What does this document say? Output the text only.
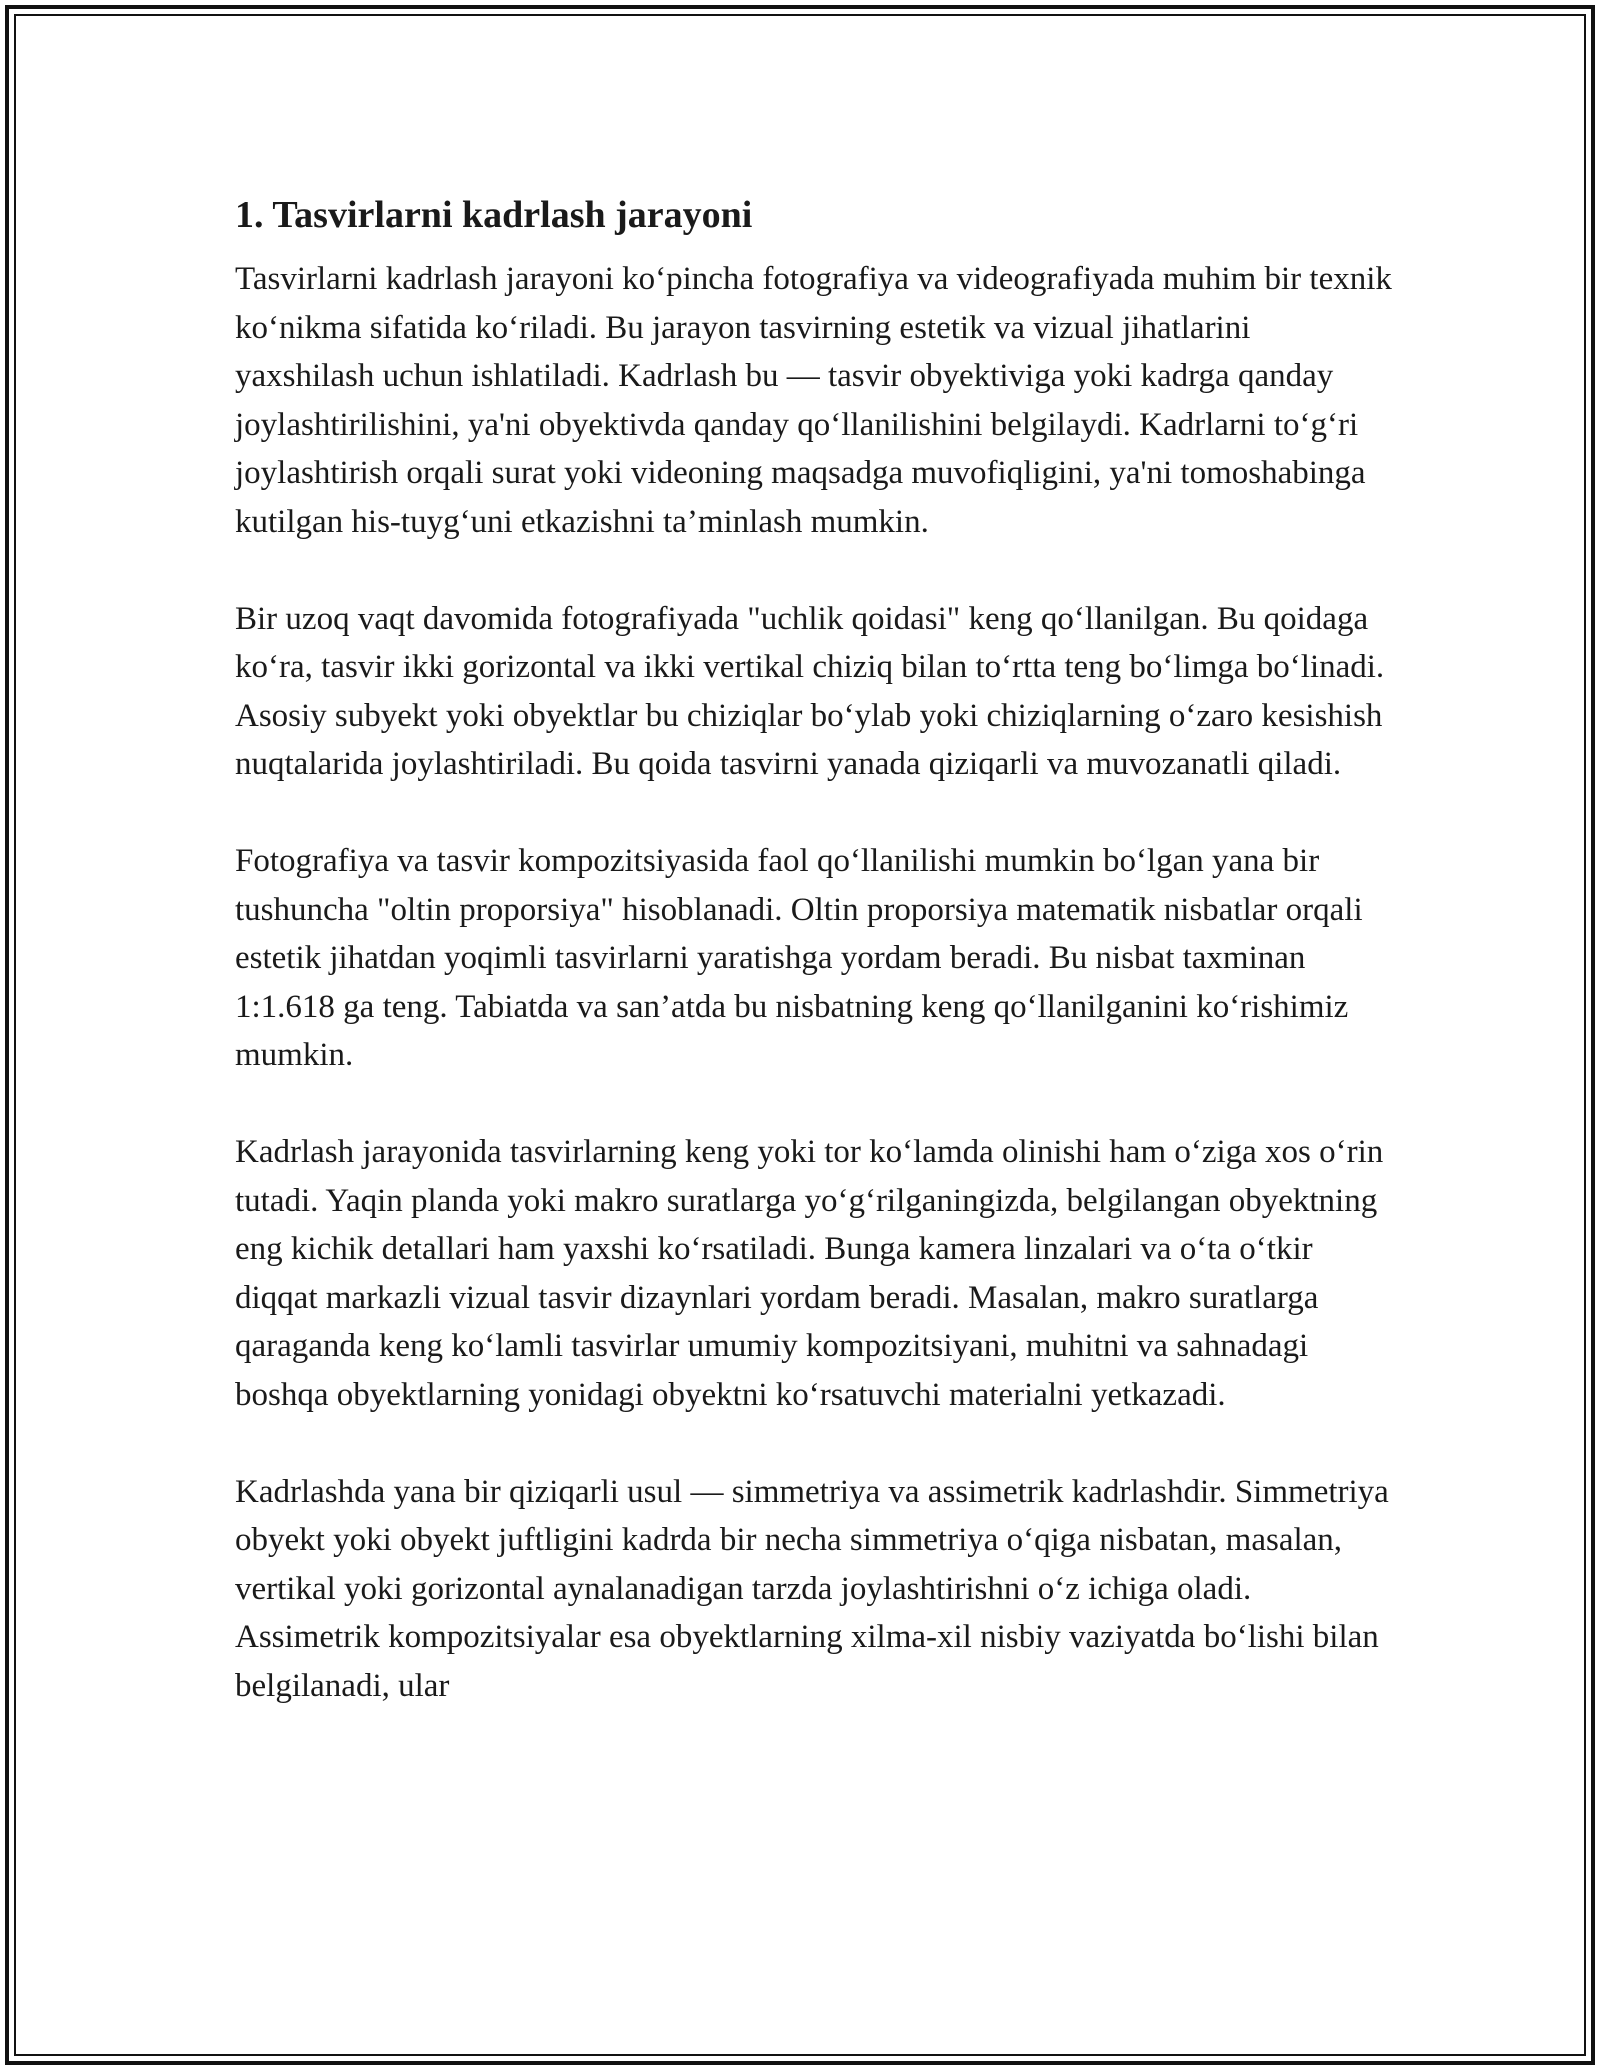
1. Tasvirlarni kadrlash jarayoni

Tasvirlarni kadrlash jarayoni ko‘pincha fotografiya va videografiyada muhim bir texnik ko‘nikma sifatida ko‘riladi. Bu jarayon tasvirning estetik va vizual jihatlarini yaxshilash uchun ishlatiladi. Kadrlash bu — tasvir obyektiviga yoki kadrga qanday joylashtirilishini, ya'ni obyektivda qanday qo‘llanilishini belgilaydi. Kadrlarni to‘g‘ri joylashtirish orqali surat yoki videoning maqsadga muvofiqligini, ya'ni tomoshabinga kutilgan his-tuyg‘uni etkazishni ta’minlash mumkin.

Bir uzoq vaqt davomida fotografiyada "uchlik qoidasi" keng qo‘llanilgan. Bu qoidaga ko‘ra, tasvir ikki gorizontal va ikki vertikal chiziq bilan to‘rtta teng bo‘limga bo‘linadi. Asosiy subyekt yoki obyektlar bu chiziqlar bo‘ylab yoki chiziqlarning o‘zaro kesishish nuqtalarida joylashtiriladi. Bu qoida tasvirni yanada qiziqarli va muvozanatli qiladi.

Fotografiya va tasvir kompozitsiyasida faol qo‘llanilishi mumkin bo‘lgan yana bir tushuncha "oltin proporsiya" hisoblanadi. Oltin proporsiya matematik nisbatlar orqali estetik jihatdan yoqimli tasvirlarni yaratishga yordam beradi. Bu nisbat taxminan 1:1.618 ga teng. Tabiatda va san’atda bu nisbatning keng qo‘llanilganini ko‘rishimiz mumkin.

Kadrlash jarayonida tasvirlarning keng yoki tor ko‘lamda olinishi ham o‘ziga xos o‘rin tutadi. Yaqin planda yoki makro suratlarga yo‘g‘rilganingizda, belgilangan obyektning eng kichik detallari ham yaxshi ko‘rsatiladi. Bunga kamera linzalari va o‘ta o‘tkir diqqat markazli vizual tasvir dizaynlari yordam beradi. Masalan, makro suratlarga qaraganda keng ko‘lamli tasvirlar umumiy kompozitsiyani, muhitni va sahnadagi boshqa obyektlarning yonidagi obyektni ko‘rsatuvchi materialni yetkazadi.

Kadrlashda yana bir qiziqarli usul — simmetriya va assimetrik kadrlashdir. Simmetriya obyekt yoki obyekt juftligini kadrda bir necha simmetriya o‘qiga nisbatan, masalan, vertikal yoki gorizontal aynalanadigan tarzda joylashtirishni o‘z ichiga oladi. Assimetrik kompozitsiyalar esa obyektlarning xilma-xil nisbiy vaziyatda bo‘lishi bilan belgilanadi, ular
